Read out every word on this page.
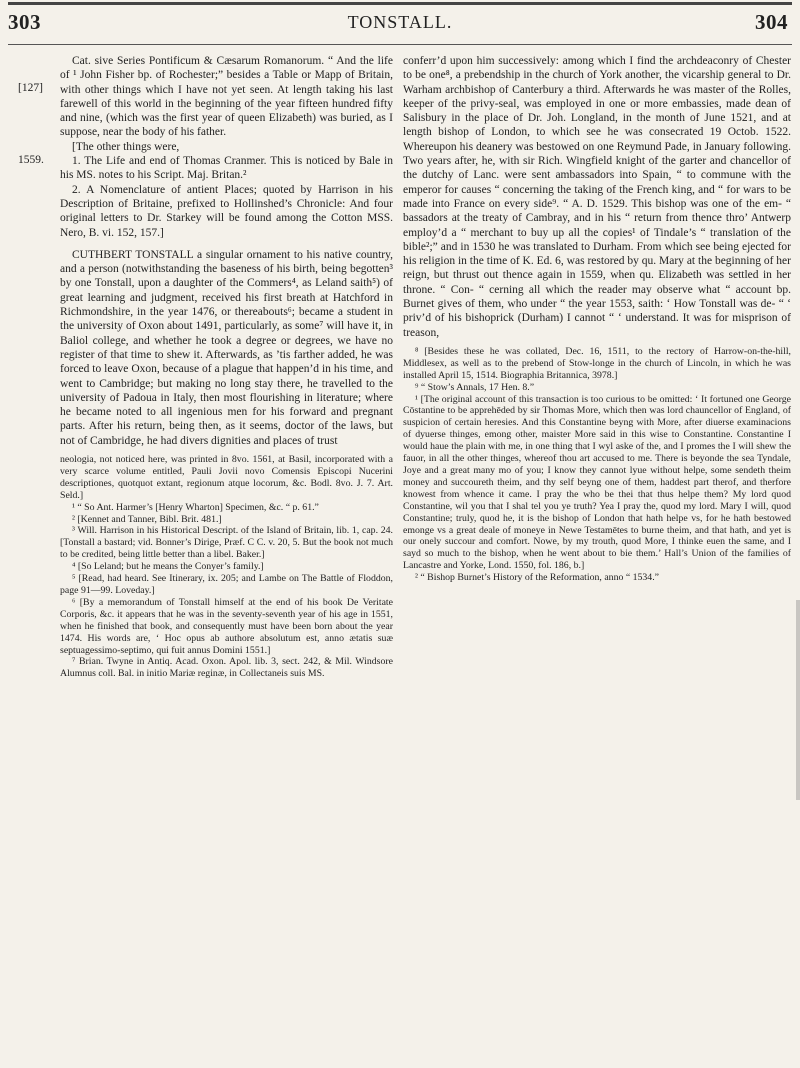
303	TONSTALL.	304
[127]
1559.

Cat. sive Series Pontificum & Cæsarum Romanorum. “ And the life of ¹ John Fisher bp. of Rochester;” besides a Table or Mapp of Britain, with other things which I have not yet seen. At length taking his last farewell of this world in the beginning of the year fifteen hundred fifty and nine, (which was the first year of queen Elizabeth) was buried, as I suppose, near the body of his father.

[The other things were,

1. The Life and end of Thomas Cranmer. This is noticed by Bale in his MS. notes to his Script. Maj. Britan.²

2. A Nomenclature of antient Places; quoted by Harrison in his Description of Britaine, prefixed to Hollinshed’s Chronicle: And four original letters to Dr. Starkey will be found among the Cotton MSS. Nero, B. vi. 152, 157.]

CUTHBERT TONSTALL a singular ornament to his native country, and a person (notwithstanding the baseness of his birth, being begotten³ by one Tonstall, upon a daughter of the Commers⁴, as Leland saith⁵) of great learning and judgment, received his first breath at Hatchford in Richmondshire, in the year 1476, or thereabouts⁶; became a student in the university of Oxon about 1491, particularly, as some⁷ will have it, in Baliol college, and whether he took a degree or degrees, we have no register of that time to shew it. Afterwards, as ’tis farther added, he was forced to leave Oxon, because of a plague that happen’d in his time, and went to Cambridge; but making no long stay there, he travelled to the university of Padoua in Italy, then most flourishing in literature; where he became noted to all ingenious men for his forward and pregnant parts. After his return, being then, as it seems, doctor of the laws, but not of Cambridge, he had divers dignities and places of trust

neologia, not noticed here, was printed in 8vo. 1561, at Basil, incorporated with a very scarce volume entitled, Pauli Jovii novo Comensis Episcopi Nucerini descriptiones, quotquot extant, regionum atque locorum, &c. Bodl. 8vo. J. 7. Art. Seld.]

¹ “ So Ant. Harmer’s [Henry Wharton] Specimen, &c. “ p. 61.”

² [Kennet and Tanner, Bibl. Brit. 481.]

³ Will. Harrison in his Historical Descript. of the Island of Britain, lib. 1, cap. 24. [Tonstall a bastard; vid. Bonner’s Dirige, Præf. C C. v. 20, 5. But the book not much to be credited, being little better than a libel. Baker.]

⁴ [So Leland; but he means the Conyer’s family.]

⁵ [Read, had heard. See Itinerary, ix. 205; and Lambe on The Battle of Floddon, page 91—99. Loveday.]

⁶ [By a memorandum of Tonstall himself at the end of his book De Veritate Corporis, &c. it appears that he was in the seventy-seventh year of his age in 1551, when he finished that book, and consequently must have been born about the year 1474. His words are, ‘ Hoc opus ab authore absolutum est, anno ætatis suæ septuagessimo-septimo, qui fuit annus Domini 1551.]

⁷ Brian. Twyne in Antiq. Acad. Oxon. Apol. lib. 3, sect. 242, & Mil. Windsore Alumnus coll. Bal. in initio Mariæ reginæ, in Collectaneis suis MS.

conferr’d upon him successively: among which I find the archdeaconry of Chester to be one⁸, a prebendship in the church of York another, the vicarship general to Dr. Warham archbishop of Canterbury a third. Afterwards he was master of the Rolles, keeper of the privy-seal, was employed in one or more embassies, made dean of Salisbury in the place of Dr. Joh. Longland, in the month of June 1521, and at length bishop of London, to which see he was consecrated 19 Octob. 1522. Whereupon his deanery was bestowed on one Reymund Pade, in January following. Two years after, he, with sir Rich. Wingfield knight of the garter and chancellor of the dutchy of Lanc. were sent ambassadors into Spain, “ to commune with the emperor for causes “ concerning the taking of the French king, and “ for wars to be made into France on every side⁹. “ A. D. 1529. This bishop was one of the em- “ bassadors at the treaty of Cambray, and in his “ return from thence thro’ Antwerp employ’d a “ merchant to buy up all the copies¹ of Tindale’s “ translation of the bible²;” and in 1530 he was translated to Durham. From which see being ejected for his religion in the time of K. Ed. 6, was restored by qu. Mary at the beginning of her reign, but thrust out thence again in 1559, when qu. Elizabeth was settled in her throne. “ Con- “ cerning all which the reader may observe what “ account bp. Burnet gives of them, who under “ the year 1553, saith: ‘ How Tonstall was de- “ ‘ priv’d of his bishoprick (Durham) I cannot “ ‘ understand. It was for misprison of treason,

⁸ [Besides these he was collated, Dec. 16, 1511, to the rectory of Harrow-on-the-hill, Middlesex, as well as to the prebend of Stow-longe in the church of Lincoln, in which he was installed April 15, 1514. Biographia Britannica, 3978.]

⁹ “ Stow’s Annals, 17 Hen. 8.”

¹ [The original account of this transaction is too curious to be omitted: ‘ It fortuned one George Cōstantine to be apprehēded by sir Thomas More, which then was lord chauncellor of England, of suspicion of certain heresies. And this Constantine beyng with More, after diuerse examinacions of dyuerse thinges, emong other, maister More said in this wise to Constantine. Constantine I would haue the plain with me, in one thing that I wyl aske of the, and I promes the I will shew the fauor, in all the other thinges, whereof thou art accused to me. There is beyonde the sea Tyndale, Joye and a great many mo of you; I know they cannot lyue without helpe, some sendeth theim money and succoureth theim, and thy self beyng one of them, haddest part therof, and therfore knowest from whence it came. I pray the who be thei that thus helpe them? My lord quod Constantine, wil you that I shal tel you ye truth? Yea I pray the, quod my lord. Mary I will, quod Constantine; truly, quod he, it is the bishop of London that hath helpe vs, for he hath bestowed emonge vs a great deale of moneye in Newe Testamētes to burne theim, and that hath, and yet is our onely succour and comfort. Nowe, by my trouth, quod More, I thinke euen the same, and I sayd so much to the bishop, when he went about to bie them.’ Hall’s Union of the families of Lancastre and Yorke, Lond. 1550, fol. 186, b.]

² “ Bishop Burnet’s History of the Reformation, anno “ 1534.”
